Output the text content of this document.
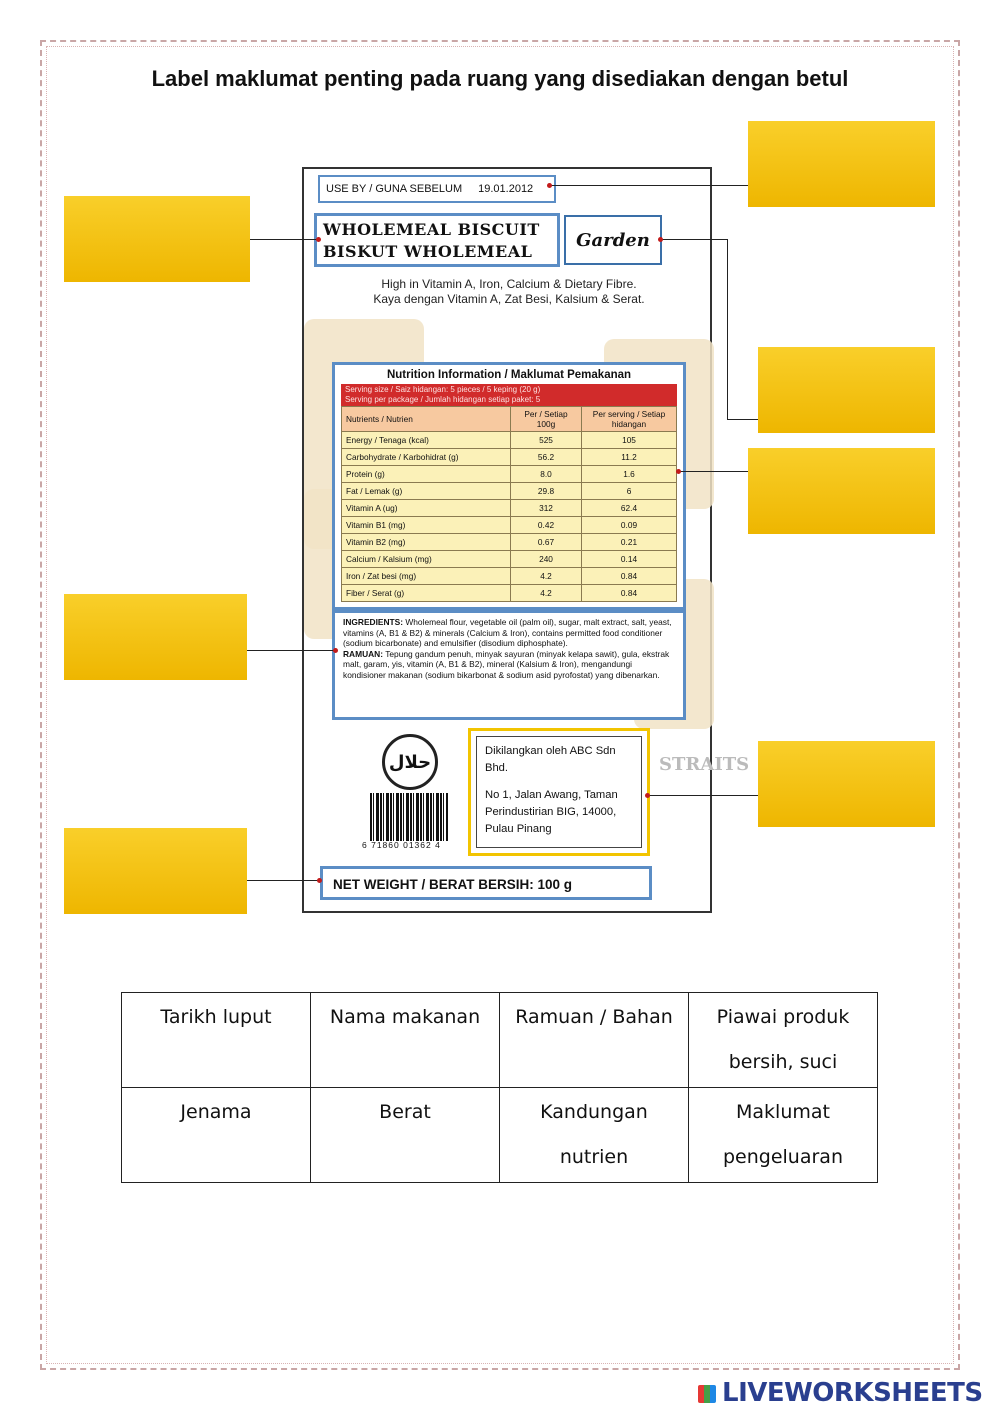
Label maklumat penting pada ruang yang disediakan dengan betul
USE BY / GUNA SEBELUM 19.01.2012
WHOLEMEAL BISCUIT
BISKUT WHOLEMEAL
Garden
High in Vitamin A, Iron, Calcium & Dietary Fibre.
Kaya dengan Vitamin A, Zat Besi, Kalsium & Serat.
Nutrition Information / Maklumat Pemakanan
Serving size / Saiz hidangan: 5 pieces / 5 keping (20 g)
Serving per package / Jumlah hidangan setiap paket: 5
Nutrients / Nutrien	Per / Setiap 100g	Per serving / Setiap hidangan
Energy / Tenaga (kcal)	525	105
Carbohydrate / Karbohidrat (g)	56.2	11.2
Protein (g)	8.0	1.6
Fat / Lemak (g)	29.8	6
Vitamin A (ug)	312	62.4
Vitamin B1 (mg)	0.42	0.09
Vitamin B2 (mg)	0.67	0.21
Calcium / Kalsium (mg)	240	0.14
Iron / Zat besi (mg)	4.2	0.84
Fiber / Serat (g)	4.2	0.84
INGREDIENTS: Wholemeal flour, vegetable oil (palm oil), sugar, malt extract, salt, yeast, vitamins (A, B1 & B2) & minerals (Calcium & Iron), contains permitted food conditioner (sodium bicarbonate) and emulsifier (disodium diphosphate).
RAMUAN: Tepung gandum penuh, minyak sayuran (minyak kelapa sawit), gula, ekstrak malt, garam, yis, vitamin (A, B1 & B2), mineral (Kalsium & Iron), mengandungi kondisioner makanan (sodium bikarbonat & sodium asid pyrofostat) yang dibenarkan.
حلال
6 71860 01362 4

Dikilangkan oleh ABC Sdn Bhd.

No 1, Jalan Awang, Taman Perindustirian BIG, 14000, Pulau Pinang

STRAITS
NET WEIGHT / BERAT BERSIH: 100 g
Tarikh luput	Nama makanan	Ramuan / Bahan	Piawai produk bersih, suci

Jenama	Berat	Kandungan nutrien	Maklumat pengeluaran
LIVEWORKSHEETS
